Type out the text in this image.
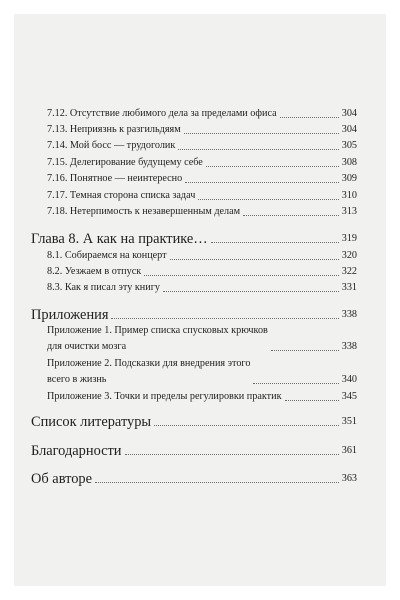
7.12. Отсутствие любимого дела за пределами офиса	304
7.13. Неприязнь к разгильдяям	304
7.14. Мой босс — трудоголик	305
7.15. Делегирование будущему себе	308
7.16. Понятное — неинтересно	309
7.17. Темная сторона списка задач	310
7.18. Нетерпимость к незавершенным делам	313
Глава 8. А как на практике…	319
8.1. Собираемся на концерт	320
8.2. Уезжаем в отпуск	322
8.3. Как я писал эту книгу	331
Приложения	338
Приложение 1. Пример списка спусковых крючков
для очистки мозга	338
Приложение 2. Подсказки для внедрения этого
всего в жизнь	340
Приложение 3. Точки и пределы регулировки практик	345
Список литературы	351
Благодарности	361
Об авторе	363
